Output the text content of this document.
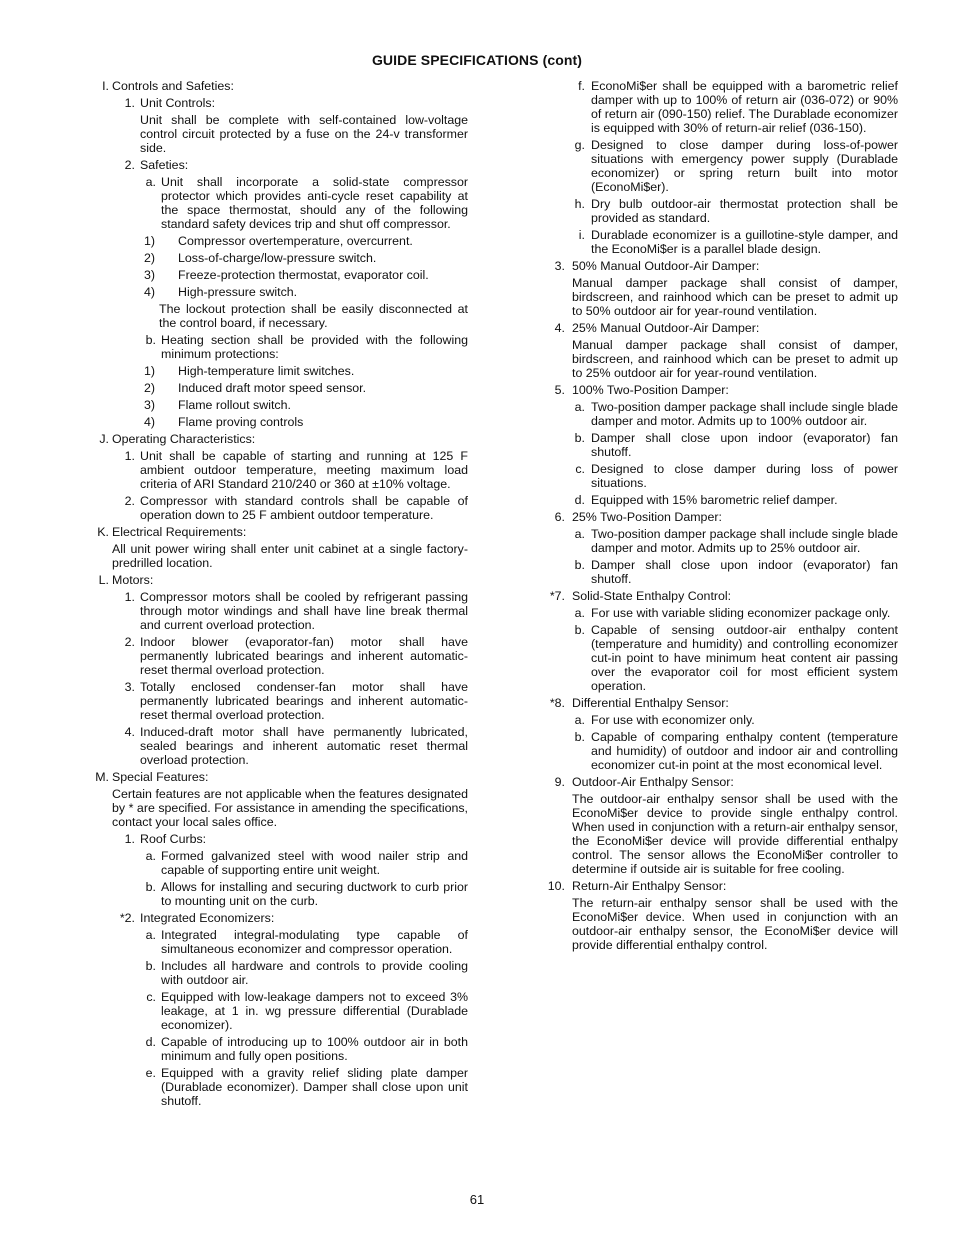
GUIDE SPECIFICATIONS (cont)
I. Controls and Safeties:
1. Unit Controls:
Unit shall be complete with self-contained low-voltage control circuit protected by a fuse on the 24-v transformer side.
2. Safeties:
a. Unit shall incorporate a solid-state compressor protector which provides anti-cycle reset capability at the space thermostat, should any of the following standard safety devices trip and shut off compressor.
1) Compressor overtemperature, overcurrent.
2) Loss-of-charge/low-pressure switch.
3) Freeze-protection thermostat, evaporator coil.
4) High-pressure switch.
The lockout protection shall be easily disconnected at the control board, if necessary.
b. Heating section shall be provided with the following minimum protections:
1) High-temperature limit switches.
2) Induced draft motor speed sensor.
3) Flame rollout switch.
4) Flame proving controls
J. Operating Characteristics:
1. Unit shall be capable of starting and running at 125 F ambient outdoor temperature, meeting maximum load criteria of ARI Standard 210/240 or 360 at ±10% voltage.
2. Compressor with standard controls shall be capable of operation down to 25 F ambient outdoor temperature.
K. Electrical Requirements:
All unit power wiring shall enter unit cabinet at a single factory-predrilled location.
L. Motors:
1. Compressor motors shall be cooled by refrigerant passing through motor windings and shall have line break thermal and current overload protection.
2. Indoor blower (evaporator-fan) motor shall have permanently lubricated bearings and inherent automatic-reset thermal overload protection.
3. Totally enclosed condenser-fan motor shall have permanently lubricated bearings and inherent automatic-reset thermal overload protection.
4. Induced-draft motor shall have permanently lubricated, sealed bearings and inherent automatic reset thermal overload protection.
M. Special Features:
Certain features are not applicable when the features designated by * are specified. For assistance in amending the specifications, contact your local sales office.
1. Roof Curbs:
a. Formed galvanized steel with wood nailer strip and capable of supporting entire unit weight.
b. Allows for installing and securing ductwork to curb prior to mounting unit on the curb.
*2. Integrated Economizers:
a. Integrated integral-modulating type capable of simultaneous economizer and compressor operation.
b. Includes all hardware and controls to provide cooling with outdoor air.
c. Equipped with low-leakage dampers not to exceed 3% leakage, at 1 in. wg pressure differential (Durablade economizer).
d. Capable of introducing up to 100% outdoor air in both minimum and fully open positions.
e. Equipped with a gravity relief sliding plate damper (Durablade economizer). Damper shall close upon unit shutoff.
f. EconoMi$er shall be equipped with a barometric relief damper with up to 100% of return air (036-072) or 90% of return air (090-150) relief. The Durablade economizer is equipped with 30% of return-air relief (036-150).
g. Designed to close damper during loss-of-power situations with emergency power supply (Durablade economizer) or spring return built into motor (EconoMi$er).
h. Dry bulb outdoor-air thermostat protection shall be provided as standard.
i. Durablade economizer is a guillotine-style damper, and the EconoMi$er is a parallel blade design.
3. 50% Manual Outdoor-Air Damper:
Manual damper package shall consist of damper, birdscreen, and rainhood which can be preset to admit up to 50% outdoor air for year-round ventilation.
4. 25% Manual Outdoor-Air Damper:
Manual damper package shall consist of damper, birdscreen, and rainhood which can be preset to admit up to 25% outdoor air for year-round ventilation.
5. 100% Two-Position Damper:
a. Two-position damper package shall include single blade damper and motor. Admits up to 100% outdoor air.
b. Damper shall close upon indoor (evaporator) fan shutoff.
c. Designed to close damper during loss of power situations.
d. Equipped with 15% barometric relief damper.
6. 25% Two-Position Damper:
a. Two-position damper package shall include single blade damper and motor. Admits up to 25% outdoor air.
b. Damper shall close upon indoor (evaporator) fan shutoff.
*7. Solid-State Enthalpy Control:
a. For use with variable sliding economizer package only.
b. Capable of sensing outdoor-air enthalpy content (temperature and humidity) and controlling economizer cut-in point to have minimum heat content air passing over the evaporator coil for most efficient system operation.
*8. Differential Enthalpy Sensor:
a. For use with economizer only.
b. Capable of comparing enthalpy content (temperature and humidity) of outdoor and indoor air and controlling economizer cut-in point at the most economical level.
9. Outdoor-Air Enthalpy Sensor:
The outdoor-air enthalpy sensor shall be used with the EconoMi$er device to provide single enthalpy control. When used in conjunction with a return-air enthalpy sensor, the EconoMi$er device will provide differential enthalpy control. The sensor allows the EconoMi$er controller to determine if outside air is suitable for free cooling.
10. Return-Air Enthalpy Sensor:
The return-air enthalpy sensor shall be used with the EconoMi$er device. When used in conjunction with an outdoor-air enthalpy sensor, the EconoMi$er device will provide differential enthalpy control.
61
